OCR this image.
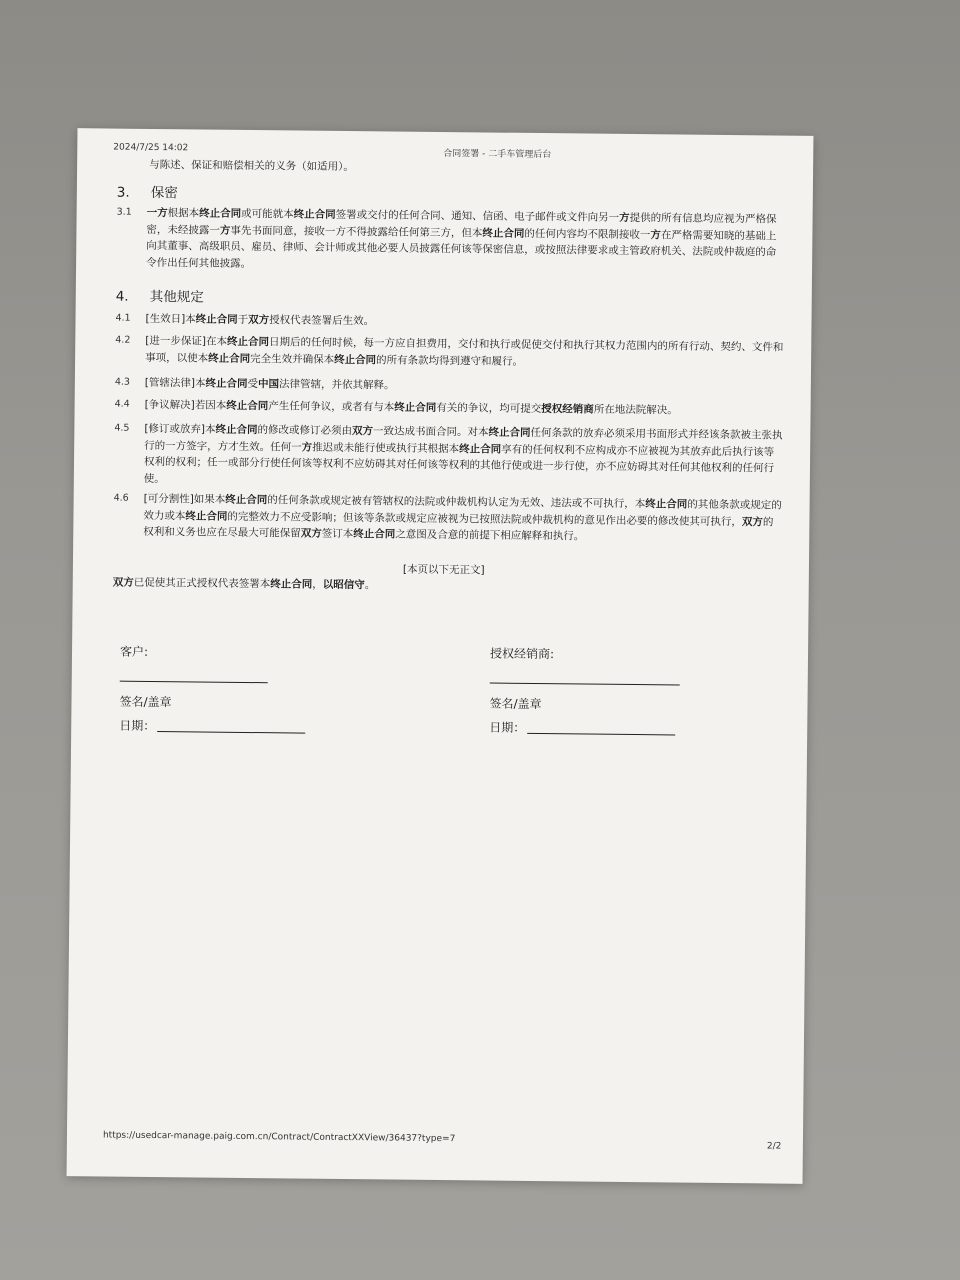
2024/7/25 14:02
合同签署 - 二手车管理后台
与陈述、保证和赔偿相关的义务（如适用）。
3. 保密
3.1	一方根据本终止合同或可能就本终止合同签署或交付的任何合同、通知、信函、电子邮件或文件向另一方提供的所有信息均应视为严格保密，未经披露一方事先书面同意，接收一方不得披露给任何第三方，但本终止合同的任何内容均不限制接收一方在严格需要知晓的基础上向其董事、高级职员、雇员、律师、会计师或其他必要人员披露任何该等保密信息，或按照法律要求或主管政府机关、法院或仲裁庭的命令作出任何其他披露。
4. 其他规定
4.1	[生效日]本终止合同于双方授权代表签署后生效。
4.2	[进一步保证]在本终止合同日期后的任何时候，每一方应自担费用，交付和执行或促使交付和执行其权力范围内的所有行动、契约、文件和事项，以使本终止合同完全生效并确保本终止合同的所有条款均得到遵守和履行。
4.3	[管辖法律]本终止合同受中国法律管辖，并依其解释。
4.4	[争议解决]若因本终止合同产生任何争议，或者有与本终止合同有关的争议，均可提交授权经销商所在地法院解决。
4.5	[修订或放弃]本终止合同的修改或修订必须由双方一致达成书面合同。对本终止合同任何条款的放弃必须采用书面形式并经该条款被主张执行的一方签字，方才生效。任何一方推迟或未能行使或执行其根据本终止合同享有的任何权利不应构成亦不应被视为其放弃此后执行该等权利的权利；任一或部分行使任何该等权利不应妨碍其对任何该等权利的其他行使或进一步行使，亦不应妨碍其对任何其他权利的任何行使。
4.6	[可分割性]如果本终止合同的任何条款或规定被有管辖权的法院或仲裁机构认定为无效、违法或不可执行，本终止合同的其他条款或规定的效力或本终止合同的完整效力不应受影响；但该等条款或规定应被视为已按照法院或仲裁机构的意见作出必要的修改使其可执行，双方的权利和义务也应在尽最大可能保留双方签订本终止合同之意图及合意的前提下相应解释和执行。
[本页以下无正文]
双方已促使其正式授权代表签署本终止合同，以昭信守。
客户:
签名/盖章
日期：
授权经销商:
签名/盖章
日期：
https://usedcar-manage.paig.com.cn/Contract/ContractXXView/36437?type=7
2/2
